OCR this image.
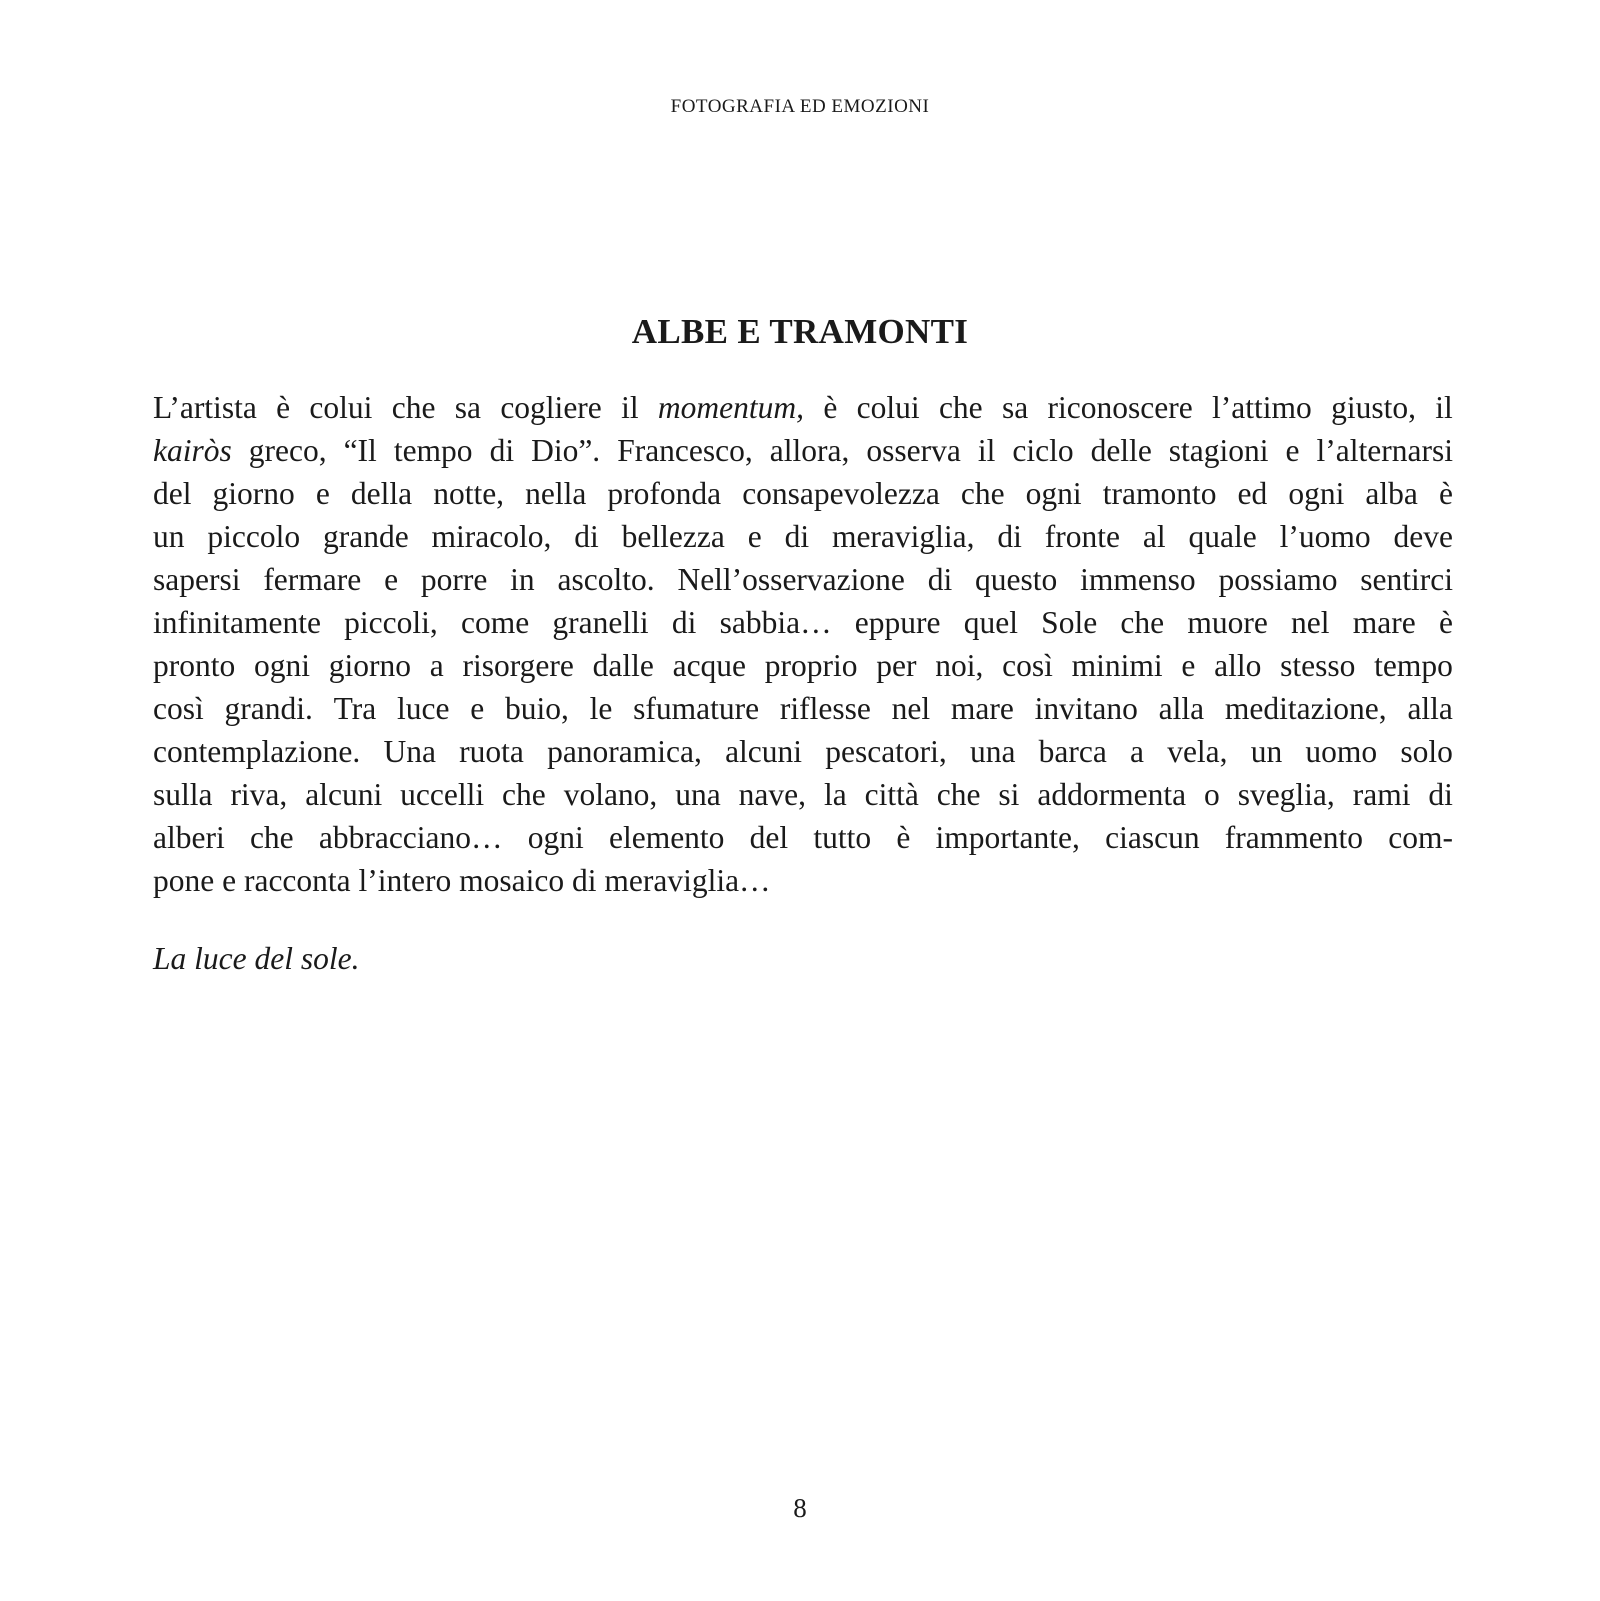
FOTOGRAFIA ED EMOZIONI
ALBE E TRAMONTI
L’artista è colui che sa cogliere il momentum, è colui che sa riconoscere l’attimo giusto, il
kairòs greco, “Il tempo di Dio”. Francesco, allora, osserva il ciclo delle stagioni e l’alternarsi
del giorno e della notte, nella profonda consapevolezza che ogni tramonto ed ogni alba è
un piccolo grande miracolo, di bellezza e di meraviglia, di fronte al quale l’uomo deve
sapersi fermare e porre in ascolto. Nell’osservazione di questo immenso possiamo sentirci
infinitamente piccoli, come granelli di sabbia… eppure quel Sole che muore nel mare è
pronto ogni giorno a risorgere dalle acque proprio per noi, così minimi e allo stesso tempo
così grandi. Tra luce e buio, le sfumature riflesse nel mare invitano alla meditazione, alla
contemplazione. Una ruota panoramica, alcuni pescatori, una barca a vela, un uomo solo
sulla riva, alcuni uccelli che volano, una nave, la città che si addormenta o sveglia, rami di
alberi che abbracciano… ogni elemento del tutto è importante, ciascun frammento com-
pone e racconta l’intero mosaico di meraviglia…
La luce del sole.
8
